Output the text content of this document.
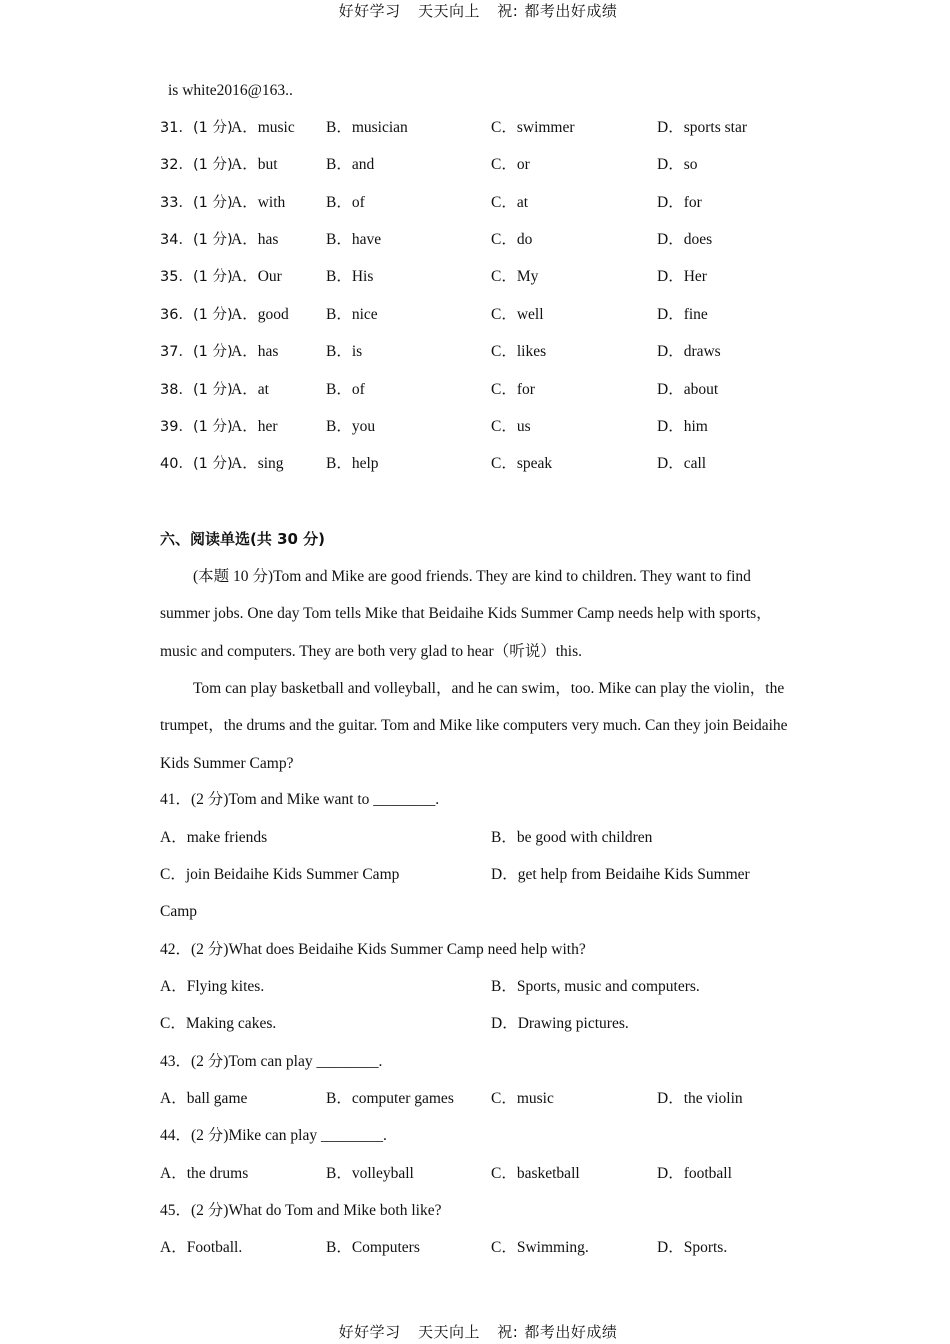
好好学习 天天向上 祝: 都考出好成绩
is white2016@163..
31．(1 分)
A．music B．musician	C．swimmer	D．sports star
32．(1 分)
A．but	B．and	C．or	D．so
33．(1 分)
A．with	B．of	C．at	D．for
34．(1 分)
A．has	B．have	C．do	D．does
35．(1 分)
A．Our	B．His	C．My	D．Her
36．(1 分)
A．good B．nice	C．well	D．fine
37．(1 分)
A．has	B．is	C．likes	D．draws
38．(1 分)
A．at	B．of	C．for	D．about
39．(1 分)
A．her	B．you	C．us	D．him
40．(1 分)
A．sing	B．help	C．speak	D．call
六、阅读单选(共 30 分)
(本题 10 分)Tom and Mike are good friends. They are kind to children. They want to find summer jobs. One day Tom tells Mike that Beidaihe Kids Summer Camp needs help with sports，music and computers. They are both very glad to hear（听说）this.
Tom can play basketball and volleyball，and he can swim，too. Mike can play the violin，the trumpet，the drums and the guitar. Tom and Mike like computers very much. Can they join Beidaihe Kids Summer Camp?
41．(2 分)Tom and Mike want to ________.
A．make friends	B．be good with children
C．join Beidaihe Kids Summer Camp	D．get help from Beidaihe Kids Summer
Camp
42．(2 分)What does Beidaihe Kids Summer Camp need help with?
A．Flying kites.	B．Sports, music and computers.
C．Making cakes.	D．Drawing pictures.
43．(2 分)Tom can play ________.
A．ball game	B．computer games C．music	D．the violin
44．(2 分)Mike can play ________.
A．the drums	B．volleyball	C．basketball	D．football
45．(2 分)What do Tom and Mike both like?
A．Football.	B．Computers	C．Swimming.	D．Sports.
好好学习 天天向上 祝: 都考出好成绩
